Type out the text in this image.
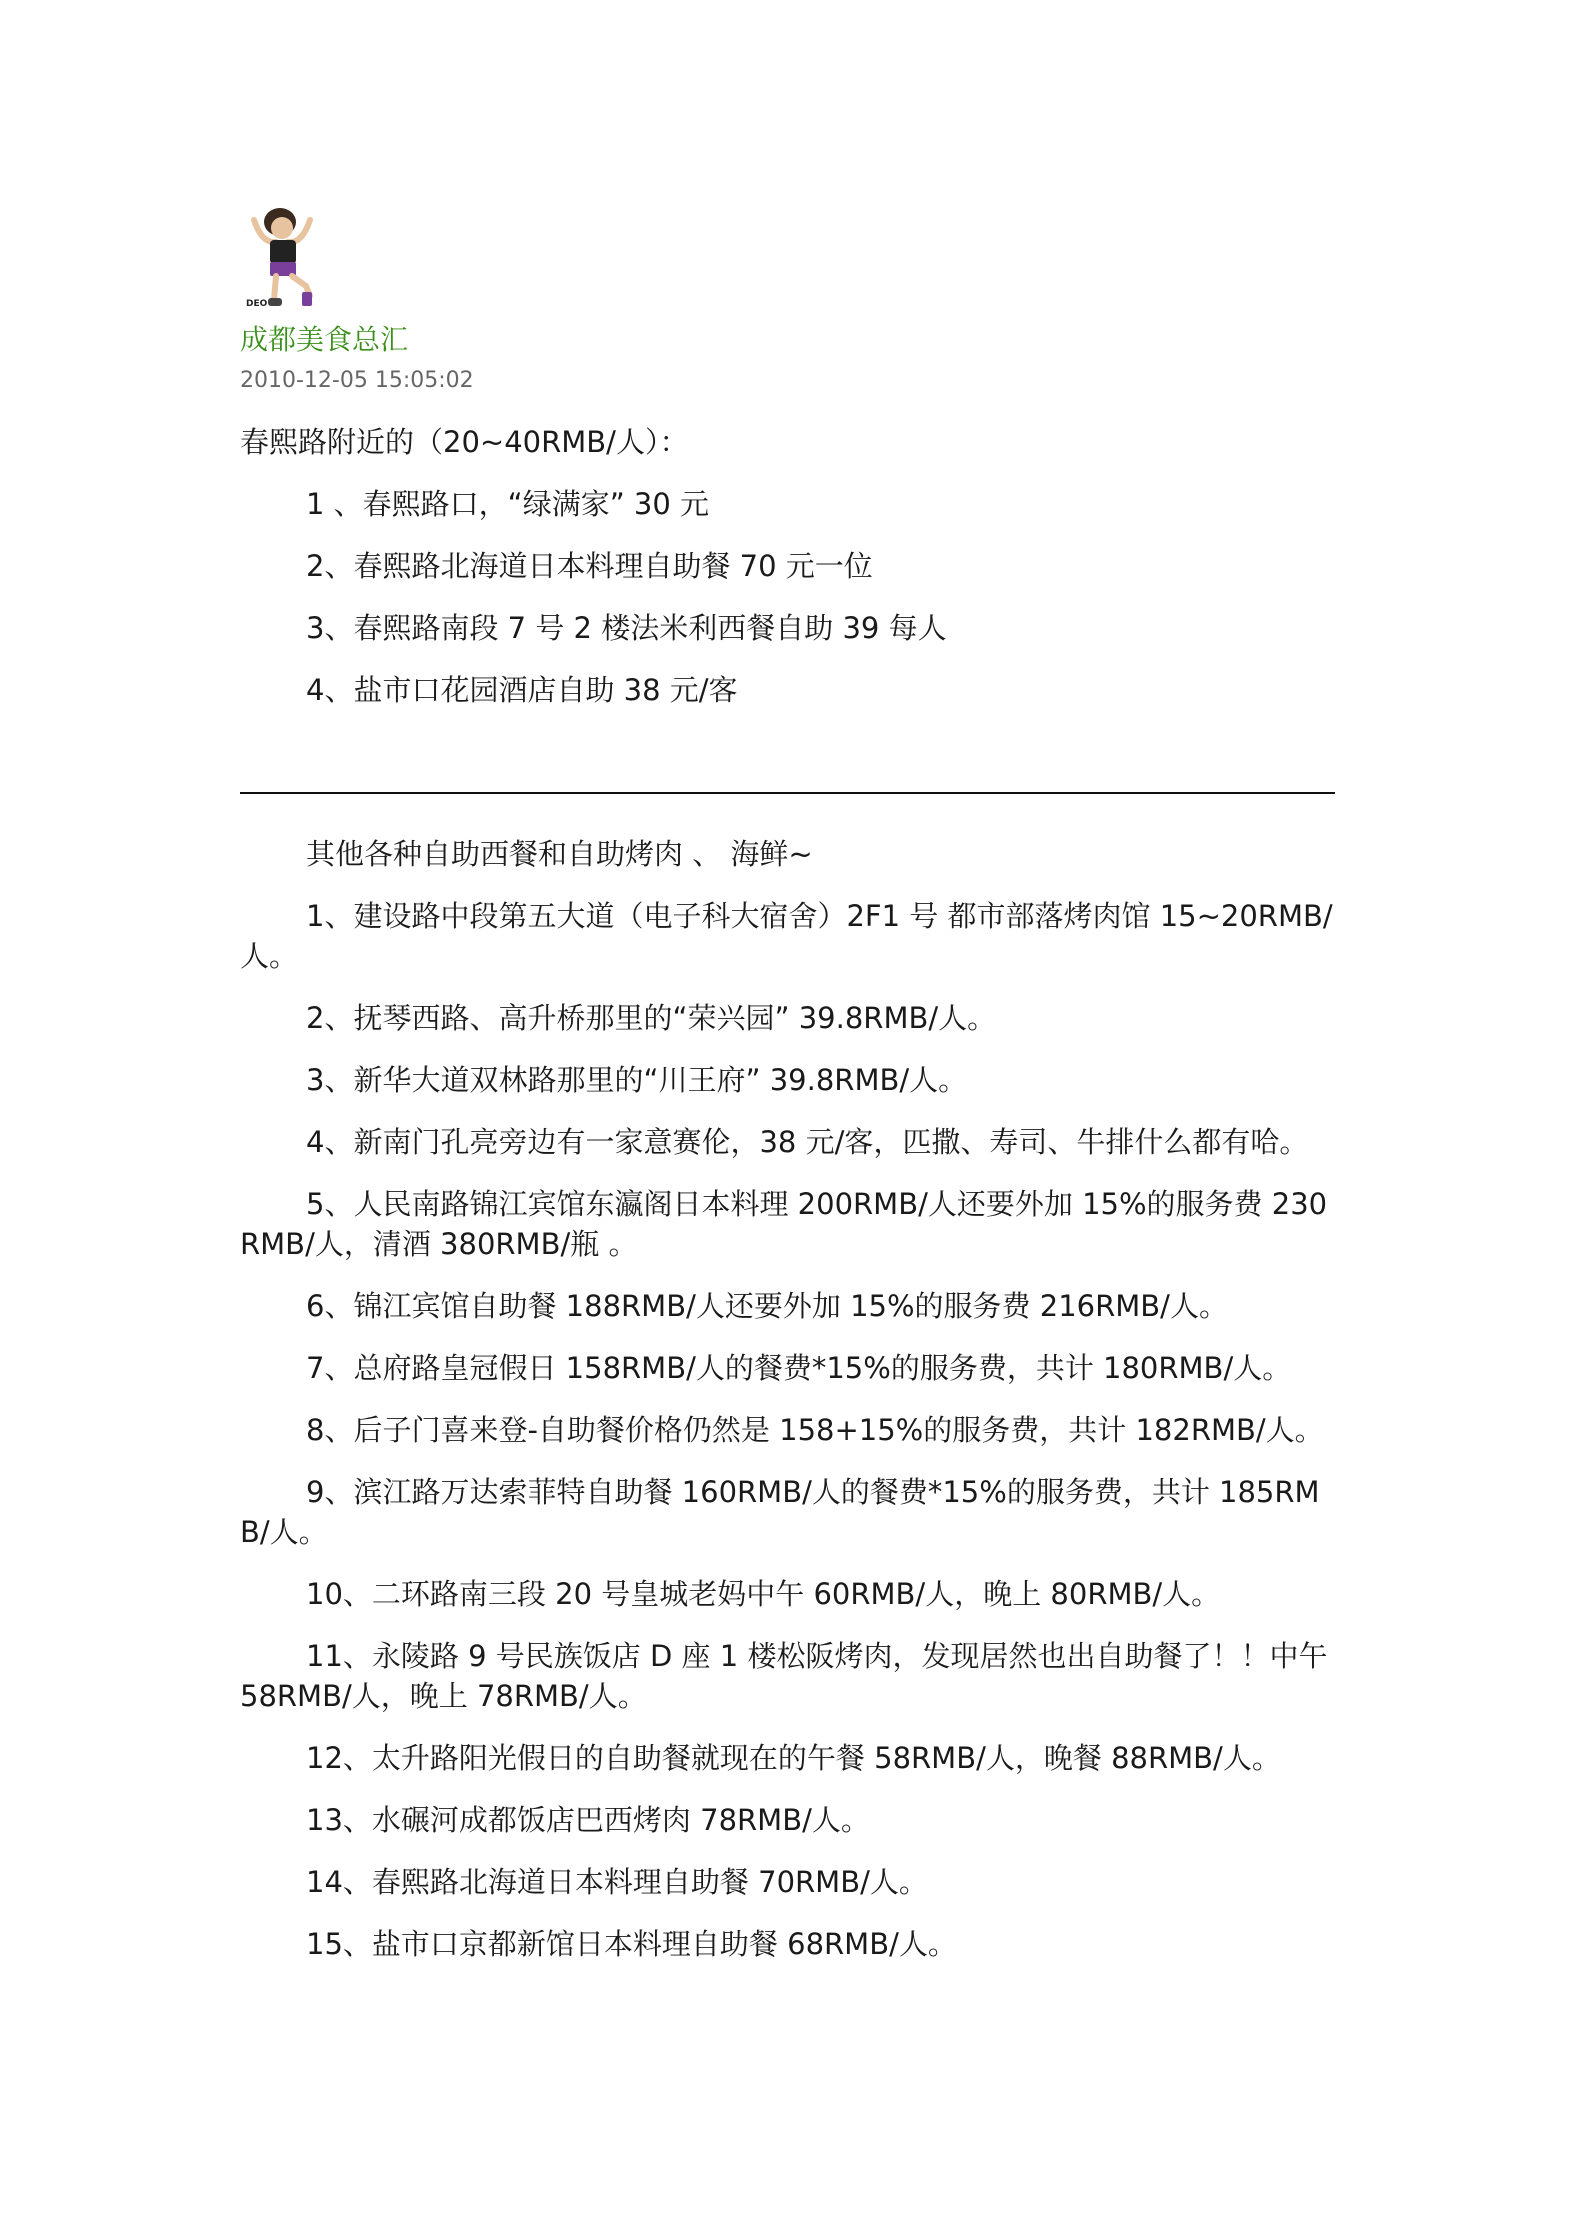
DEO
成都美食总汇
2010-12-05 15:05:02
春熙路附近的（20~40RMB/人）：
1 、春熙路口，“绿满家” 30 元
2、春熙路北海道日本料理自助餐 70 元一位
3、春熙路南段 7 号 2 楼法米利西餐自助 39 每人
4、盐市口花园酒店自助 38 元/客
其他各种自助西餐和自助烤肉 、 海鲜~
1、建设路中段第五大道（电子科大宿舍）2F1 号 都市部落烤肉馆 15~20RMB/人。
2、抚琴西路、高升桥那里的“荣兴园” 39.8RMB/人。
3、新华大道双林路那里的“川王府” 39.8RMB/人。
4、新南门孔亮旁边有一家意赛伦，38 元/客，匹撒、寿司、牛排什么都有哈。
5、人民南路锦江宾馆东瀛阁日本料理 200RMB/人还要外加 15%的服务费 230RMB/人，清酒 380RMB/瓶 。
6、锦江宾馆自助餐 188RMB/人还要外加 15%的服务费 216RMB/人。
7、总府路皇冠假日 158RMB/人的餐费*15%的服务费，共计 180RMB/人。
8、后子门喜来登-自助餐价格仍然是 158+15%的服务费，共计 182RMB/人。
9、滨江路万达索菲特自助餐 160RMB/人的餐费*15%的服务费，共计 185RMB/人。
10、二环路南三段 20 号皇城老妈中午 60RMB/人，晚上 80RMB/人。
11、永陵路 9 号民族饭店 D 座 1 楼松阪烤肉，发现居然也出自助餐了！！中午 58RMB/人，晚上 78RMB/人。
12、太升路阳光假日的自助餐就现在的午餐 58RMB/人，晚餐 88RMB/人。
13、水碾河成都饭店巴西烤肉 78RMB/人。
14、春熙路北海道日本料理自助餐 70RMB/人。
15、盐市口京都新馆日本料理自助餐 68RMB/人。
